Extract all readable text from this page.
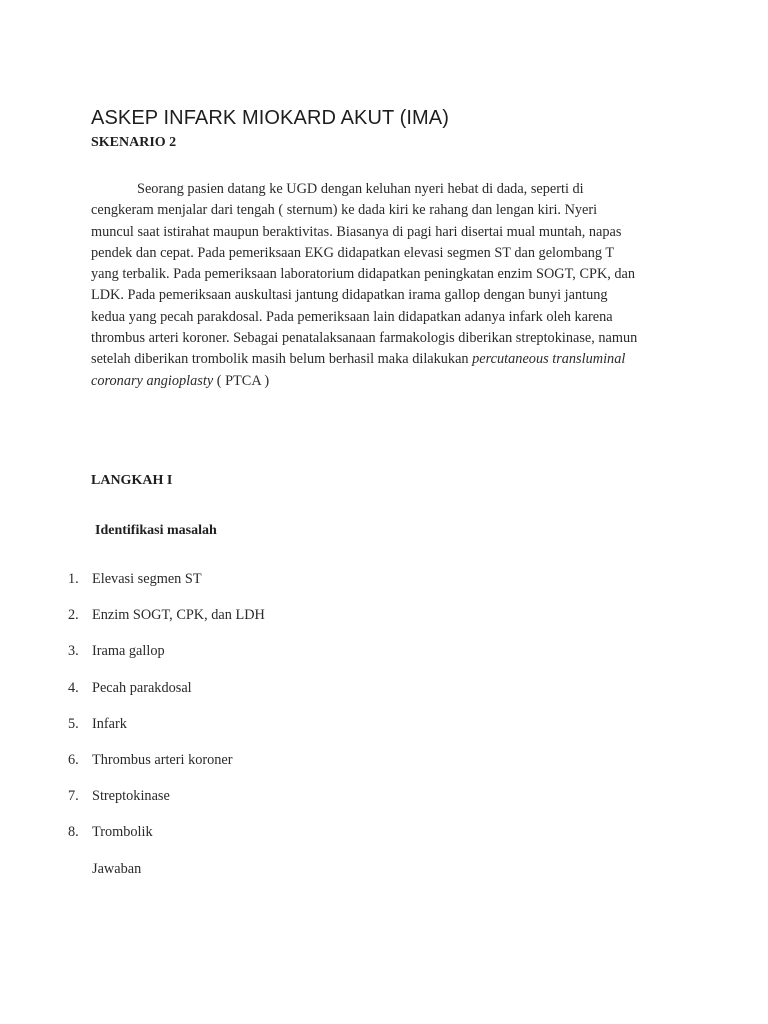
ASKEP INFARK MIOKARD AKUT (IMA)
SKENARIO 2

Seorang pasien datang ke UGD dengan keluhan nyeri hebat di dada, seperti di cengkeram menjalar dari tengah ( sternum) ke dada kiri ke rahang dan lengan kiri. Nyeri muncul saat istirahat maupun beraktivitas. Biasanya di pagi hari disertai mual muntah, napas pendek dan cepat. Pada pemeriksaan EKG didapatkan elevasi segmen ST dan gelombang T yang terbalik. Pada pemeriksaan laboratorium didapatkan peningkatan enzim SOGT, CPK, dan LDK. Pada pemeriksaan auskultasi jantung didapatkan irama gallop dengan bunyi jantung kedua yang pecah parakdosal. Pada pemeriksaan lain didapatkan adanya infark oleh karena thrombus arteri koroner. Sebagai penatalaksanaan farmakologis diberikan streptokinase, namun setelah diberikan trombolik masih belum berhasil maka dilakukan percutaneous transluminal coronary angioplasty ( PTCA )

LANGKAH I
Identifikasi masalah
1. Elevasi segmen ST
2. Enzim SOGT, CPK, dan LDH
3. Irama gallop
4. Pecah parakdosal
5. Infark
6. Thrombus arteri koroner
7. Streptokinase
8. Trombolik

Jawaban
